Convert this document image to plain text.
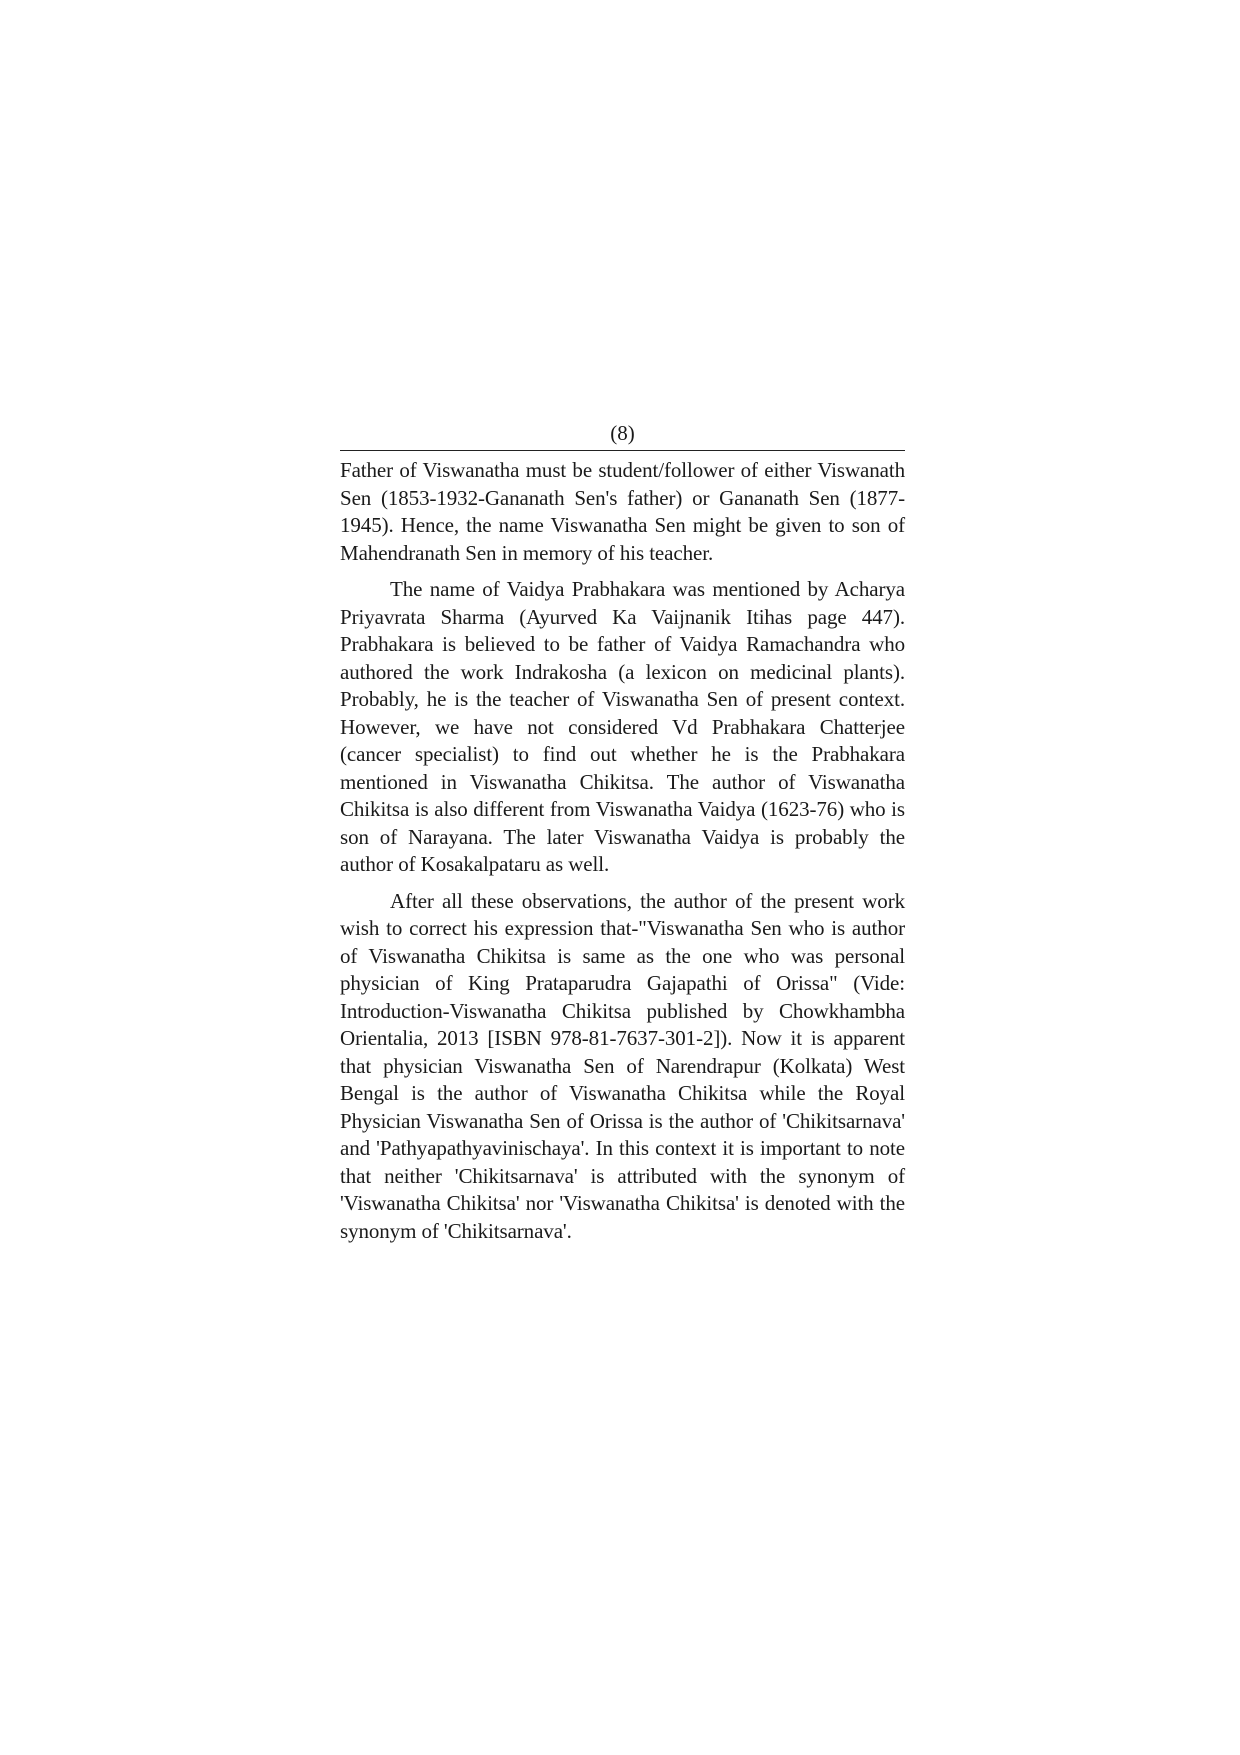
(8)

Father of Viswanatha must be student/follower of either Viswanath Sen (1853-1932-Gananath Sen's father) or Gananath Sen (1877-1945). Hence, the name Viswanatha Sen might be given to son of Mahendranath Sen in memory of his teacher.

The name of Vaidya Prabhakara was mentioned by Acharya Priyavrata Sharma (Ayurved Ka Vaijnanik Itihas page 447). Prabhakara is believed to be father of Vaidya Ramachandra who authored the work Indrakosha (a lexicon on medicinal plants). Probably, he is the teacher of Viswanatha Sen of present context. However, we have not considered Vd Prabhakara Chatterjee (cancer specialist) to find out whether he is the Prabhakara mentioned in Viswanatha Chikitsa. The author of Viswanatha Chikitsa is also different from Viswanatha Vaidya (1623-76) who is son of Narayana. The later Viswanatha Vaidya is probably the author of Kosakalpataru as well.

After all these observations, the author of the present work wish to correct his expression that-"Viswanatha Sen who is author of Viswanatha Chikitsa is same as the one who was personal physician of King Prataparudra Gajapathi of Orissa" (Vide: Introduction-Viswanatha Chikitsa published by Chowkhambha Orientalia, 2013 [ISBN 978-81-7637-301-2]). Now it is apparent that physician Viswanatha Sen of Narendrapur (Kolkata) West Bengal is the author of Viswanatha Chikitsa while the Royal Physician Viswanatha Sen of Orissa is the author of 'Chikitsarnava' and 'Pathyapathyavinischaya'. In this context it is important to note that neither 'Chikitsarnava' is attributed with the synonym of 'Viswanatha Chikitsa' nor 'Viswanatha Chikitsa' is denoted with the synonym of 'Chikitsarnava'.
